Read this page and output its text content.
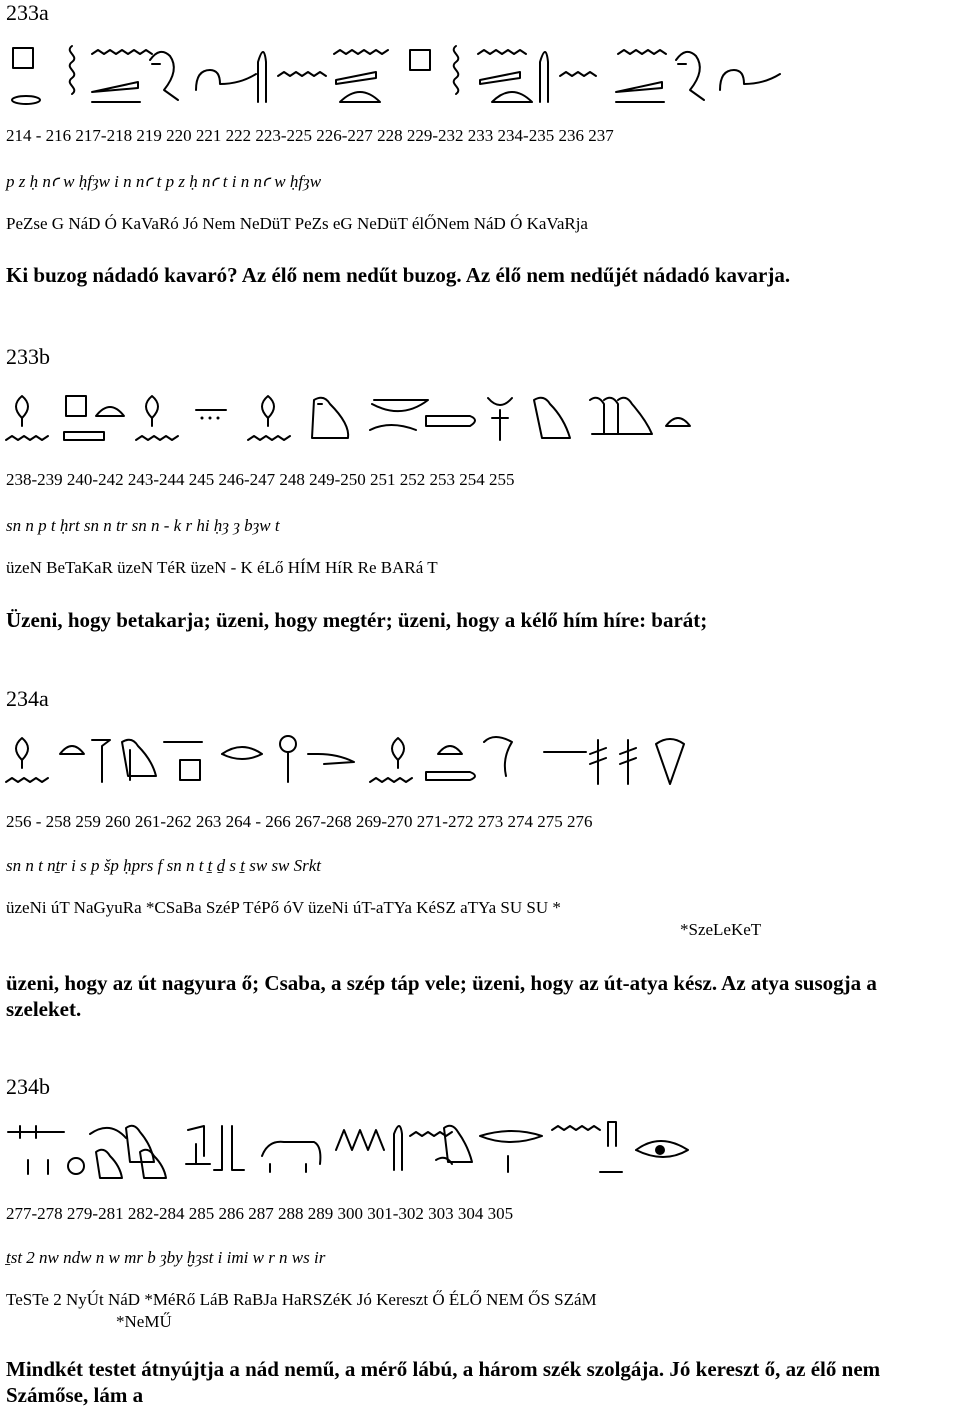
233a
214 - 216 217-218 219 220 221 222 223-225 226-227 228 229-232 233 234-235 236 237
p z ḥ nꜥ w ḥfȝw i n nꜥ t p z ḥ nꜥ t i n nꜥ w ḥfȝw
PeZse G NáD Ó KaVaRó Jó Nem NeDüT PeZs eG NeDüT élŐNem NáD Ó KaVaRja
Ki buzog nádadó kavaró? Az élő nem nedűt buzog. Az élő nem nedűjét nádadó kavarja.
233b
238-239 240-242 243-244 245 246-247 248 249-250 251 252 253 254 255
sn n p t ḥrt sn n tr sn n - k r hi ḥȝ ȝ bȝw t
üzeN BeTaKaR üzeN TéR üzeN - K éLő HÍM HíR Re BARá T
Üzeni, hogy betakarja; üzeni, hogy megtér; üzeni, hogy a kélő hím híre: barát;
234a
256 - 258 259 260 261-262 263 264 - 266 267-268 269-270 271-272 273 274 275 276
sn n t nṯr i s p šp ḥprs f sn n t ṯ ḏ s ṯ sw sw Srkt
üzeNi úT NaGyuRa *CSaBa SzéP TéPő óV üzeNi úT-aTYa KéSZ aTYa SU SU *
*SzeLeKeT
üzeni, hogy az út nagyura ő; Csaba, a szép táp vele; üzeni, hogy az út-atya kész. Az atya susogja a szeleket.
234b
277-278 279-281 282-284 285 286 287 288 289 300 301-302 303 304 305
ṯst 2 nw ndw n w mr b ȝby ḫȝst i imi w r n ws ir
TeSTe 2 NyÚt NáD *MéRő LáB RaBJa HaRSZéK Jó Kereszt Ő ÉLŐ NEM ŐS SZáM
*NeMŰ
Mindkét testet átnyújtja a nád nemű, a mérő lábú, a három szék szolgája. Jó kereszt ő, az élő nem Számőse, lám a
